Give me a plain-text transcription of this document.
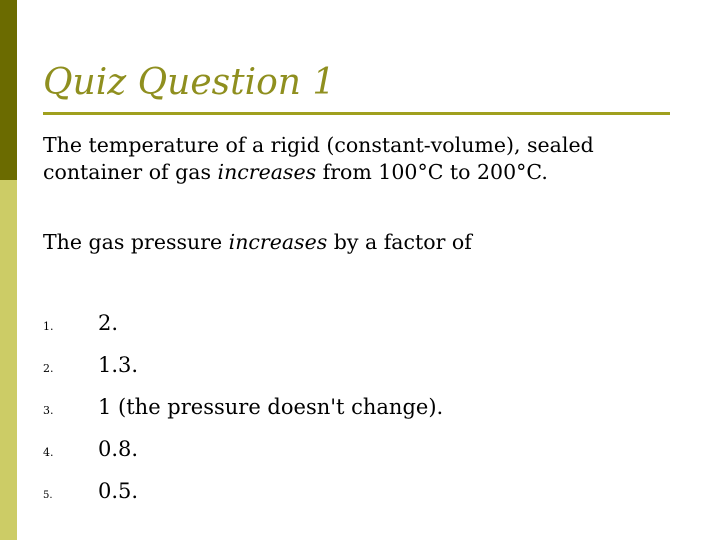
Quiz Question 1
The temperature of a rigid (constant-volume), sealed container of gas increases from 100°C to 200°C.
The gas pressure increases by a factor of
1. 2.
2. 1.3.
3. 1 (the pressure doesn't change).
4. 0.8.
5. 0.5.
